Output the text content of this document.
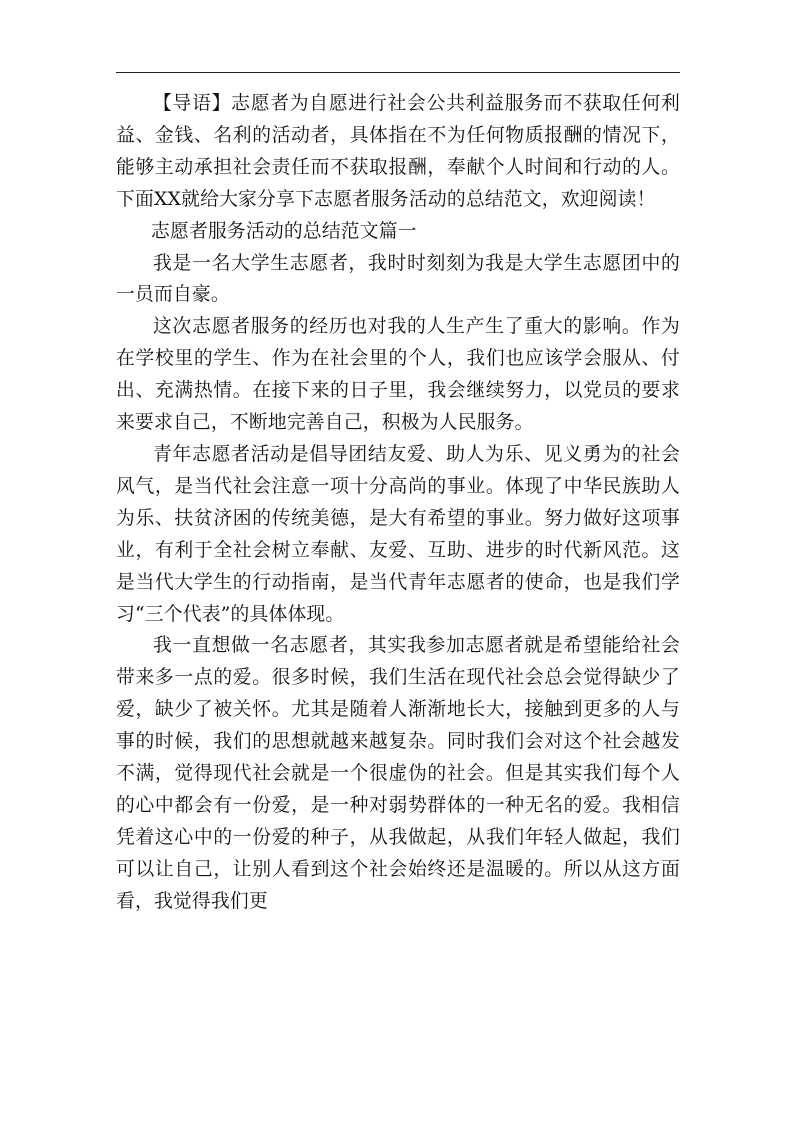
【导语】志愿者为自愿进行社会公共利益服务而不获取任何利益、金钱、名利的活动者，具体指在不为任何物质报酬的情况下，能够主动承担社会责任而不获取报酬，奉献个人时间和行动的人。下面XX就给大家分享下志愿者服务活动的总结范文，欢迎阅读！

志愿者服务活动的总结范文篇一

我是一名大学生志愿者，我时时刻刻为我是大学生志愿团中的一员而自豪。

这次志愿者服务的经历也对我的人生产生了重大的影响。作为在学校里的学生、作为在社会里的个人，我们也应该学会服从、付出、充满热情。在接下来的日子里，我会继续努力，以党员的要求来要求自己，不断地完善自己，积极为人民服务。

青年志愿者活动是倡导团结友爱、助人为乐、见义勇为的社会风气，是当代社会注意一项十分高尚的事业。体现了中华民族助人为乐、扶贫济困的传统美德，是大有希望的事业。努力做好这项事业，有利于全社会树立奉献、友爱、互助、进步的时代新风范。这是当代大学生的行动指南，是当代青年志愿者的使命，也是我们学习“三个代表”的具体体现。

我一直想做一名志愿者，其实我参加志愿者就是希望能给社会带来多一点的爱。很多时候，我们生活在现代社会总会觉得缺少了爱，缺少了被关怀。尤其是随着人渐渐地长大，接触到更多的人与事的时候，我们的思想就越来越复杂。同时我们会对这个社会越发不满，觉得现代社会就是一个很虚伪的社会。但是其实我们每个人的心中都会有一份爱，是一种对弱势群体的一种无名的爱。我相信凭着这心中的一份爱的种子，从我做起，从我们年轻人做起，我们可以让自己，让别人看到这个社会始终还是温暖的。所以从这方面看，我觉得我们更
